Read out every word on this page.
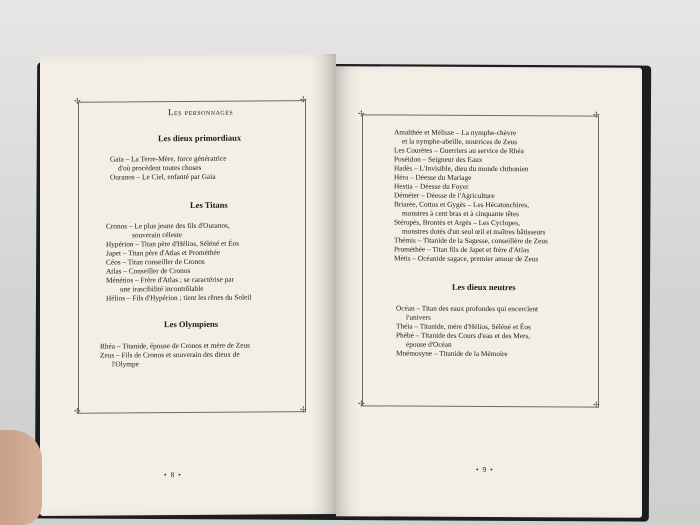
✢	✢
✢	✢
Les personnages
Les dieux primordiaux
Gaïa – La Terre-Mère, force génératrice
d'où procèdent toutes choses
Ouranos – Le Ciel, enfanté par Gaïa
Les Titans
Cronos – Le plus jeune des fils d'Ouranos,
souverain céleste
Hypérion – Titan père d'Hélios, Séléné et Éos
Japet – Titan père d'Atlas et Prométhée
Céos – Titan conseiller de Cronos
Atlas – Conseiller de Cronos
Ménétios – Frère d'Atlas ; se caractérise par
une irascibilité incontrôlable
Hélios – Fils d'Hypérion ; tient les rênes du Soleil
Les Olympiens
Rhéa – Titanide, épouse de Cronos et mère de Zeus
Zeus – Fils de Cronos et souverain des dieux de
l'Olympe
• 8 •
✢	✢
✢	✢
Amalthée et Mélisse – La nymphe-chèvre
et la nymphe-abeille, nourrices de Zeus
Les Courètes – Guerriers au service de Rhéa
Poséidon – Seigneur des Eaux
Hadès – L'Invisible, dieu du monde chthonien
Héra – Déesse du Mariage
Hestia – Déesse du Foyer
Déméter – Déesse de l'Agriculture
Briarée, Cottos et Gygès – Les Hécatonchires,
monstres à cent bras et à cinquante têtes
Stéropès, Brontès et Argès – Les Cyclopes,
monstres dotés d'un seul œil et maîtres bâtisseurs
Thémis – Titanide de la Sagesse, conseillère de Zeus
Prométhée – Titan fils de Japet et frère d'Atlas
Mètis – Océanide sagace, premier amour de Zeus
Les dieux neutres
Océan – Titan des eaux profondes qui encerclent
l'univers
Théia – Titanide, mère d'Hélios, Séléné et Éos
Phébé – Titanide des Cours d'eau et des Mers,
épouse d'Océan
Mnémosyne – Titanide de la Mémoire
• 9 •
